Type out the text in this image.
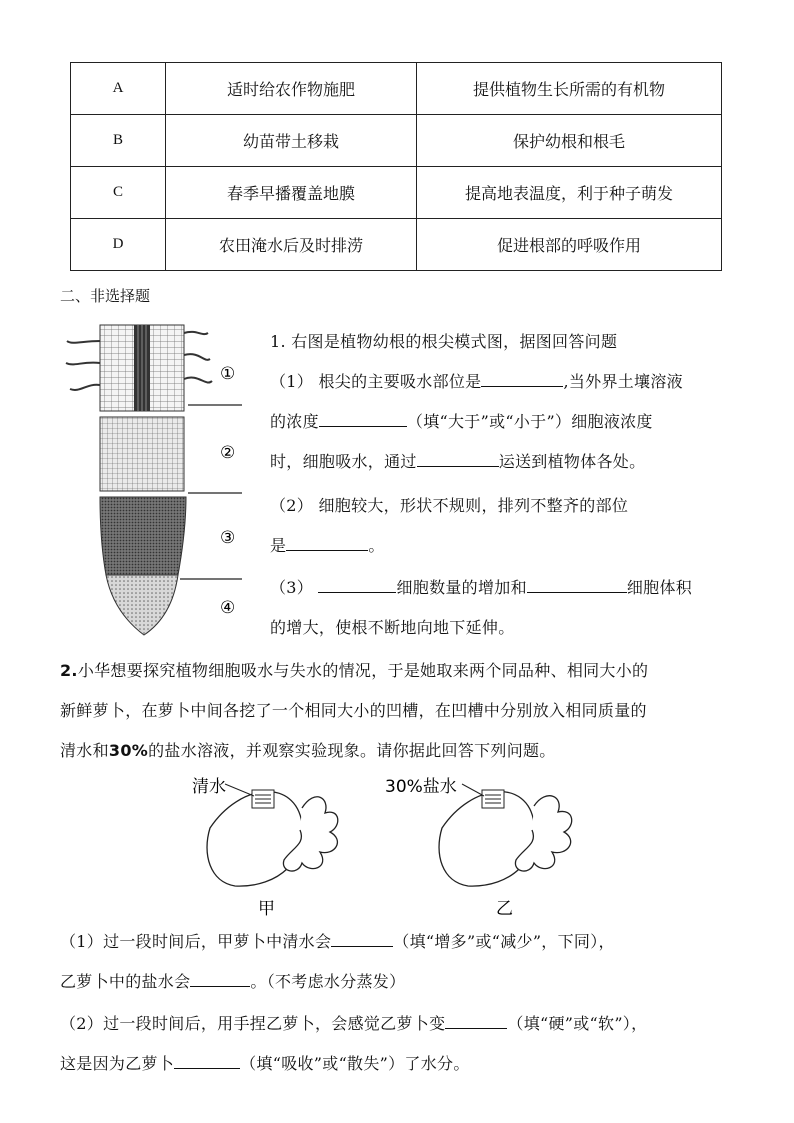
A	适时给农作物施肥	提供植物生长所需的有机物
B	幼苗带土移栽	保护幼根和根毛
C	春季早播覆盖地膜	提高地表温度，利于种子萌发
D	农田淹水后及时排涝	促进根部的呼吸作用
二、非选择题
①
②
③
④
1. 右图是植物幼根的根尖模式图，据图回答问题
（1） 根尖的主要吸水部位是	,当外界土壤溶液
的浓度	（填“大于”或“小于”）细胞液浓度
时，细胞吸水，通过	运送到植物体各处。
（2） 细胞较大，形状不规则，排列不整齐的部位
是	。
（3）	细胞数量的增加和	细胞体积
的增大，使根不断地向地下延伸。
2.小华想要探究植物细胞吸水与失水的情况，于是她取来两个同品种、相同大小的
新鲜萝卜，在萝卜中间各挖了一个相同大小的凹槽，在凹槽中分别放入相同质量的
清水和30%的盐水溶液，并观察实验现象。请你据此回答下列问题。
清水
甲
30%盐水
乙
（1）过一段时间后，甲萝卜中清水会	（填“增多”或“减少”，下同），
乙萝卜中的盐水会	。（不考虑水分蒸发）
（2）过一段时间后，用手捏乙萝卜，会感觉乙萝卜变	（填“硬”或“软”），
这是因为乙萝卜	（填“吸收”或“散失”）了水分。
